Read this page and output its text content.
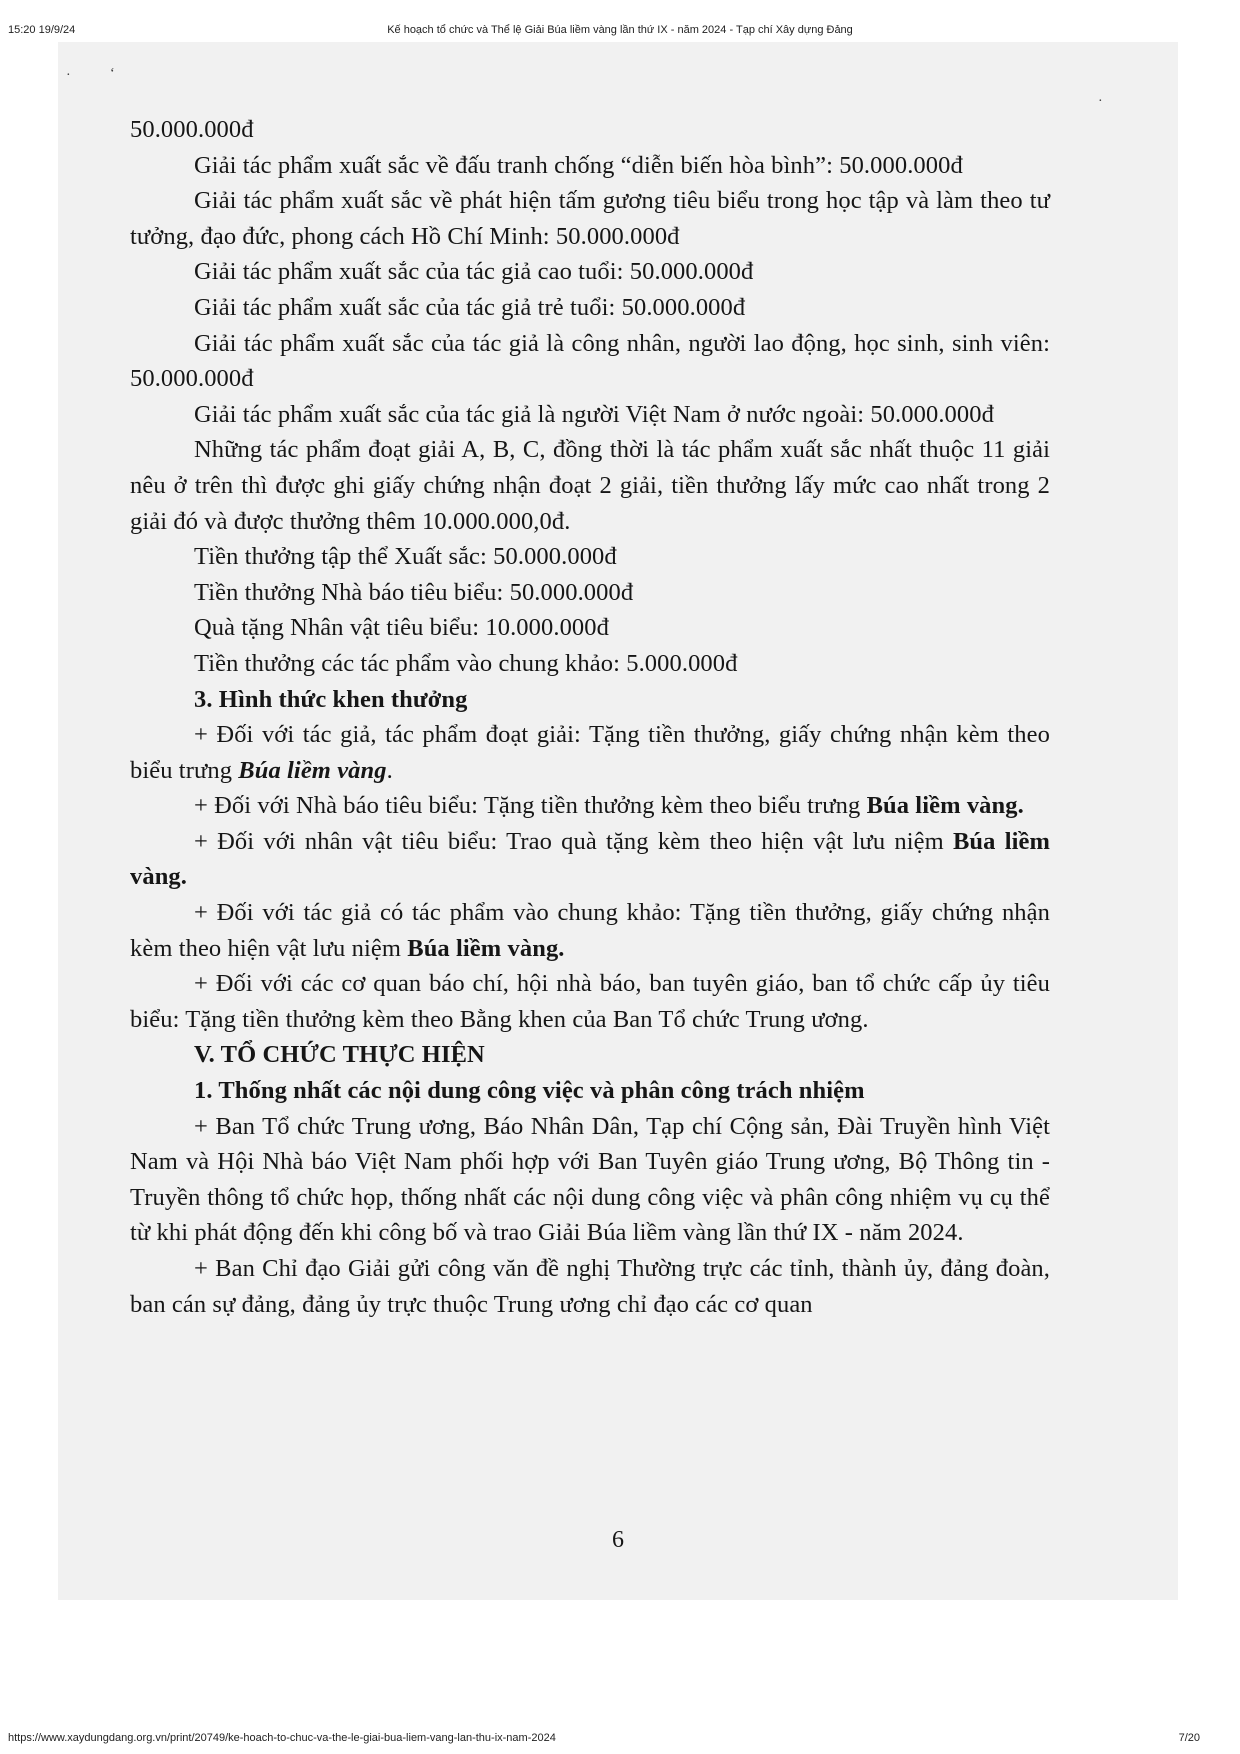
15:20 19/9/24	Kế hoạch tổ chức và Thể lệ Giải Búa liềm vàng lần thứ IX - năm 2024 - Tạp chí Xây dựng Đảng
·	‘
·

50.000.000đ

Giải tác phẩm xuất sắc về đấu tranh chống “diễn biến hòa bình”: 50.000.000đ

Giải tác phẩm xuất sắc về phát hiện tấm gương tiêu biểu trong học tập và làm theo tư tưởng, đạo đức, phong cách Hồ Chí Minh: 50.000.000đ

Giải tác phẩm xuất sắc của tác giả cao tuổi: 50.000.000đ

Giải tác phẩm xuất sắc của tác giả trẻ tuổi: 50.000.000đ

Giải tác phẩm xuất sắc của tác giả là công nhân, người lao động, học sinh, sinh viên: 50.000.000đ

Giải tác phẩm xuất sắc của tác giả là người Việt Nam ở nước ngoài: 50.000.000đ

Những tác phẩm đoạt giải A, B, C, đồng thời là tác phẩm xuất sắc nhất thuộc 11 giải nêu ở trên thì được ghi giấy chứng nhận đoạt 2 giải, tiền thưởng lấy mức cao nhất trong 2 giải đó và được thưởng thêm 10.000.000,0đ.

Tiền thưởng tập thể Xuất sắc: 50.000.000đ

Tiền thưởng Nhà báo tiêu biểu: 50.000.000đ

Quà tặng Nhân vật tiêu biểu: 10.000.000đ

Tiền thưởng các tác phẩm vào chung khảo: 5.000.000đ

3. Hình thức khen thưởng

+ Đối với tác giả, tác phẩm đoạt giải: Tặng tiền thưởng, giấy chứng nhận kèm theo biểu trưng Búa liềm vàng.

+ Đối với Nhà báo tiêu biểu: Tặng tiền thưởng kèm theo biểu trưng Búa liềm vàng.

+ Đối với nhân vật tiêu biểu: Trao quà tặng kèm theo hiện vật lưu niệm Búa liềm vàng.

+ Đối với tác giả có tác phẩm vào chung khảo: Tặng tiền thưởng, giấy chứng nhận kèm theo hiện vật lưu niệm Búa liềm vàng.

+ Đối với các cơ quan báo chí, hội nhà báo, ban tuyên giáo, ban tổ chức cấp ủy tiêu biểu: Tặng tiền thưởng kèm theo Bằng khen của Ban Tổ chức Trung ương.

V. TỔ CHỨC THỰC HIỆN

1. Thống nhất các nội dung công việc và phân công trách nhiệm

+ Ban Tổ chức Trung ương, Báo Nhân Dân, Tạp chí Cộng sản, Đài Truyền hình Việt Nam và Hội Nhà báo Việt Nam phối hợp với Ban Tuyên giáo Trung ương, Bộ Thông tin - Truyền thông tổ chức họp, thống nhất các nội dung công việc và phân công nhiệm vụ cụ thể từ khi phát động đến khi công bố và trao Giải Búa liềm vàng lần thứ IX - năm 2024.

+ Ban Chỉ đạo Giải gửi công văn đề nghị Thường trực các tỉnh, thành ủy, đảng đoàn, ban cán sự đảng, đảng ủy trực thuộc Trung ương chỉ đạo các cơ quan

6
https://www.xaydungdang.org.vn/print/20749/ke-hoach-to-chuc-va-the-le-giai-bua-liem-vang-lan-thu-ix-nam-2024	7/20
